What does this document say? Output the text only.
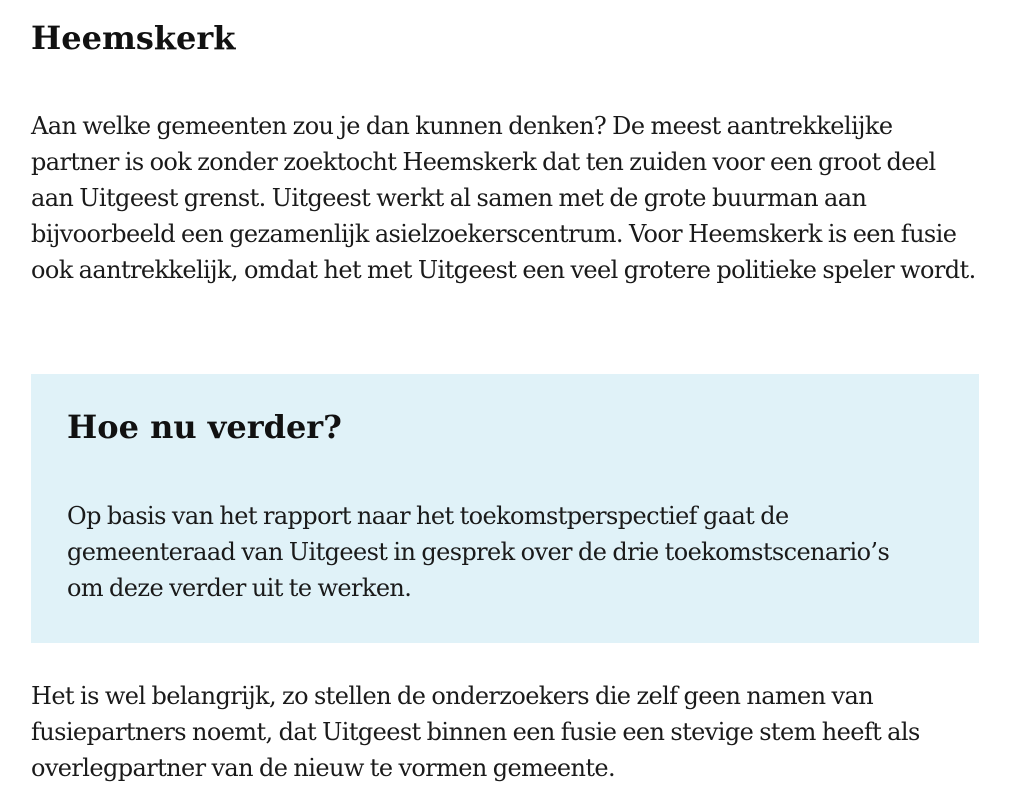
Heemskerk

Aan welke gemeenten zou je dan kunnen denken? De meest aantrekkelijke partner is ook zonder zoektocht Heemskerk dat ten zuiden voor een groot deel aan Uitgeest grenst. Uitgeest werkt al samen met de grote buurman aan bijvoorbeeld een gezamenlijk asielzoekerscentrum. Voor Heemskerk is een fusie ook aantrekkelijk, omdat het met Uitgeest een veel grotere politieke speler wordt.

Hoe nu verder?

Op basis van het rapport naar het toekomstperspectief gaat de gemeenteraad van Uitgeest in gesprek over de drie toekomstscenario’s om deze verder uit te werken.

Het is wel belangrijk, zo stellen de onderzoekers die zelf geen namen van fusiepartners noemt, dat Uitgeest binnen een fusie een stevige stem heeft als overlegpartner van de nieuw te vormen gemeente.
